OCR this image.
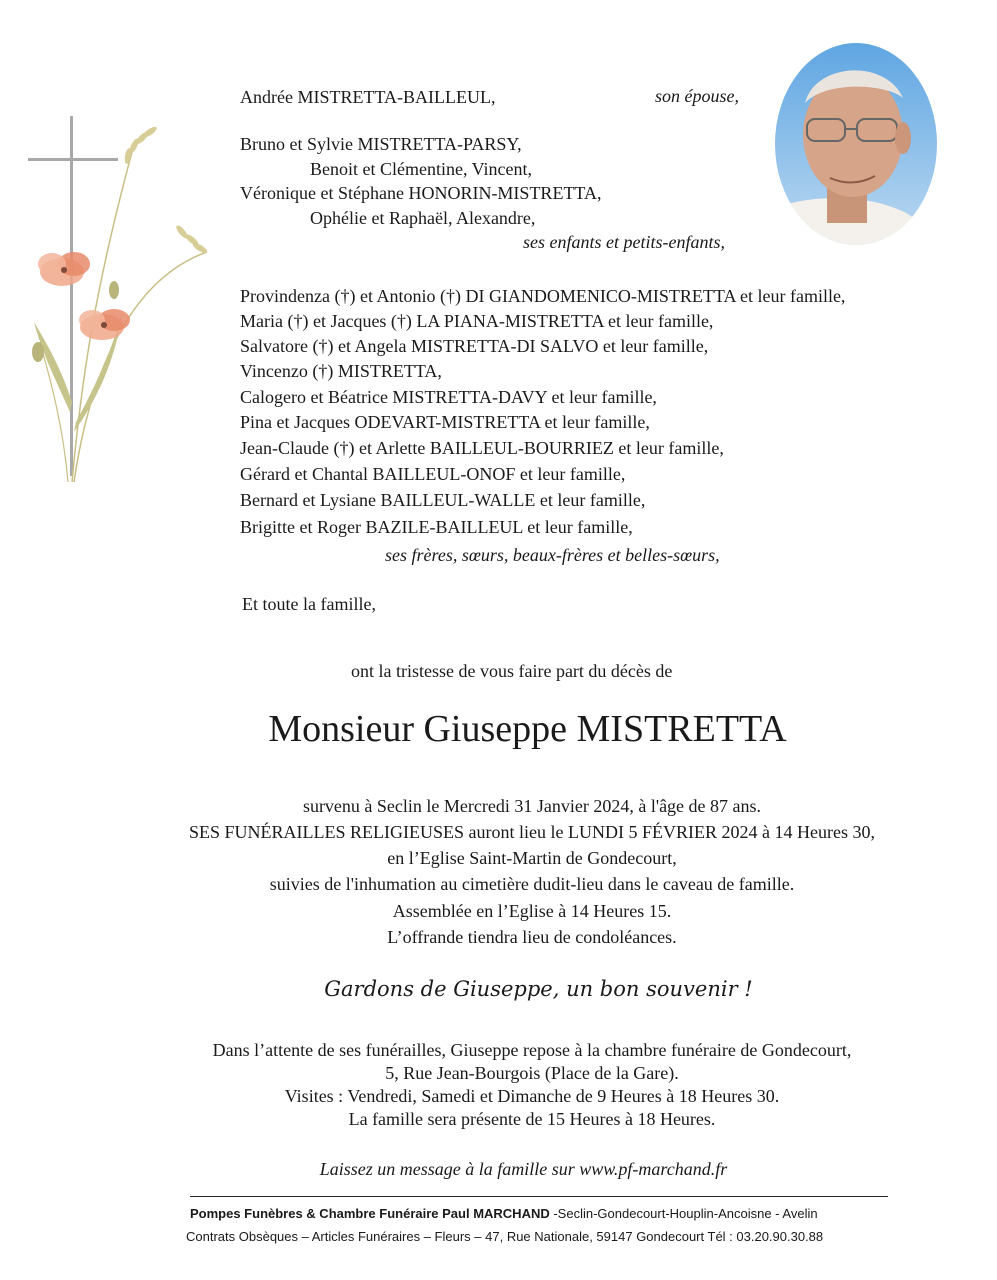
Andrée MISTRETTA-BAILLEUL,	son épouse,
Bruno et Sylvie MISTRETTA-PARSY,
Benoit et Clémentine, Vincent,
Véronique et Stéphane HONORIN-MISTRETTA,
Ophélie et Raphaël, Alexandre,
ses enfants et petits-enfants,
Provindenza (†) et Antonio (†) DI GIANDOMENICO-MISTRETTA et leur famille,
Maria (†) et Jacques (†) LA PIANA-MISTRETTA et leur famille,
Salvatore (†) et Angela MISTRETTA-DI SALVO et leur famille,
Vincenzo (†) MISTRETTA,
Calogero et Béatrice MISTRETTA-DAVY et leur famille,
Pina et Jacques ODEVART-MISTRETTA et leur famille,
Jean-Claude (†) et Arlette BAILLEUL-BOURRIEZ et leur famille,
Gérard et Chantal BAILLEUL-ONOF et leur famille,
Bernard et Lysiane BAILLEUL-WALLE et leur famille,
Brigitte et Roger BAZILE-BAILLEUL et leur famille,
ses frères, sœurs, beaux-frères et belles-sœurs,
Et toute la famille,
ont la tristesse de vous faire part du décès de
Monsieur Giuseppe MISTRETTA
survenu à Seclin le Mercredi 31 Janvier 2024, à l'âge de 87 ans.
SES FUNÉRAILLES RELIGIEUSES auront lieu le LUNDI 5 FÉVRIER 2024 à 14 Heures 30,
en l’Eglise Saint-Martin de Gondecourt,
suivies de l'inhumation au cimetière dudit-lieu dans le caveau de famille.
Assemblée en l’Eglise à 14 Heures 15.
L’offrande tiendra lieu de condoléances.
Gardons de Giuseppe, un bon souvenir !
Dans l’attente de ses funérailles, Giuseppe repose à la chambre funéraire de Gondecourt,
5, Rue Jean-Bourgois (Place de la Gare).
Visites : Vendredi, Samedi et Dimanche de 9 Heures à 18 Heures 30.
La famille sera présente de 15 Heures à 18 Heures.
Laissez un message à la famille sur www.pf-marchand.fr
Pompes Funèbres & Chambre Funéraire Paul MARCHAND -Seclin-Gondecourt-Houplin-Ancoisne - Avelin
Contrats Obsèques – Articles Funéraires – Fleurs – 47, Rue Nationale, 59147 Gondecourt Tél : 03.20.90.30.88
